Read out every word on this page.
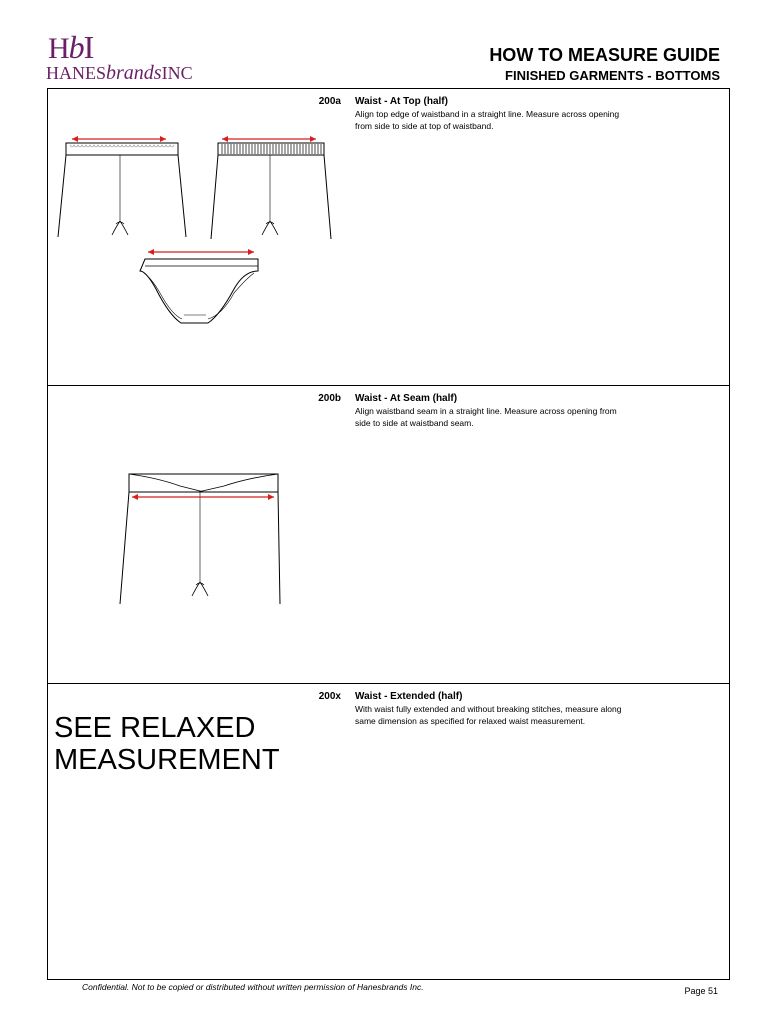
HbI
HANESbrandsINC
HOW TO MEASURE GUIDE
FINISHED GARMENTS - BOTTOMS
200a Waist - At Top (half)
Align top edge of waistband in a straight line. Measure across opening from side to side at top of waistband.
200b Waist - At Seam (half)
Align waistband seam in a straight line. Measure across opening from side to side at waistband seam.
200x Waist - Extended (half)
With waist fully extended and without breaking stitches, measure along same dimension as specified for relaxed waist measurement.
SEE RELAXED MEASUREMENT
Confidential. Not to be copied or distributed without written permission of Hanesbrands Inc.	Page 51
